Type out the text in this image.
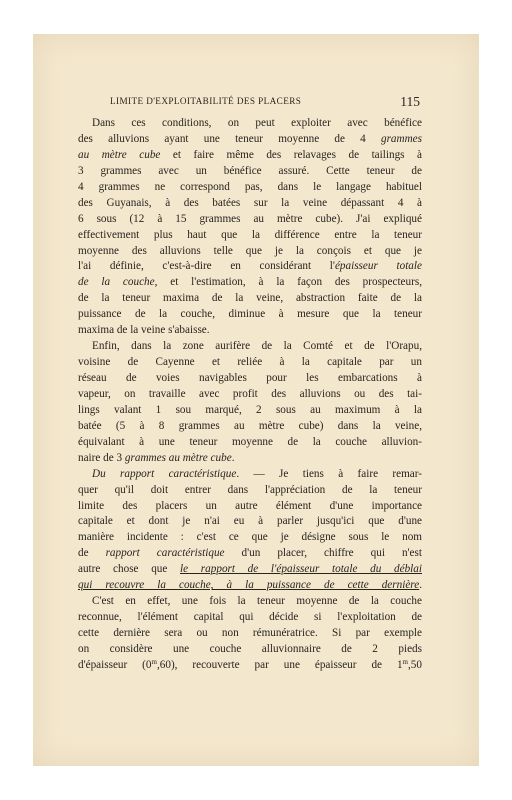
LIMITE D'EXPLOITABILITÉ DES PLACERS	115
Dans ces conditions, on peut exploiter avec bénéfice
des alluvions ayant une teneur moyenne de 4 grammes
au mètre cube et faire même des relavages de tailings à
3 grammes avec un bénéfice assuré. Cette teneur de
4 grammes ne correspond pas, dans le langage habituel
des Guyanais, à des batées sur la veine dépassant 4 à
6 sous (12 à 15 grammes au mètre cube). J'ai expliqué
effectivement plus haut que la différence entre la teneur
moyenne des alluvions telle que je la conçois et que je
l'ai définie, c'est-à-dire en considérant l'épaisseur totale
de la couche, et l'estimation, à la façon des prospecteurs,
de la teneur maxima de la veine, abstraction faite de la
puissance de la couche, diminue à mesure que la teneur
maxima de la veine s'abaisse.
Enfin, dans la zone aurifère de la Comté et de l'Orapu,
voisine de Cayenne et reliée à la capitale par un
réseau de voies navigables pour les embarcations à
vapeur, on travaille avec profit des alluvions ou des tai-
lings valant 1 sou marqué, 2 sous au maximum à la
batée (5 à 8 grammes au mètre cube) dans la veine,
équivalant à une teneur moyenne de la couche alluvion-
naire de 3 grammes au mètre cube.
Du rapport caractéristique. — Je tiens à faire remar-
quer qu'il doit entrer dans l'appréciation de la teneur
limite des placers un autre élément d'une importance
capitale et dont je n'ai eu à parler jusqu'ici que d'une
manière incidente : c'est ce que je désigne sous le nom
de rapport caractéristique d'un placer, chiffre qui n'est
autre chose que le rapport de l'épaisseur totale du déblai
qui recouvre la couche, à la puissance de cette dernière.
C'est en effet, une fois la teneur moyenne de la couche
reconnue, l'élément capital qui décide si l'exploitation de
cette dernière sera ou non rémunératrice. Si par exemple
on considère une couche alluvionnaire de 2 pieds
d'épaisseur (0$^m$,60), recouverte par une épaisseur de 1$^m$,50
